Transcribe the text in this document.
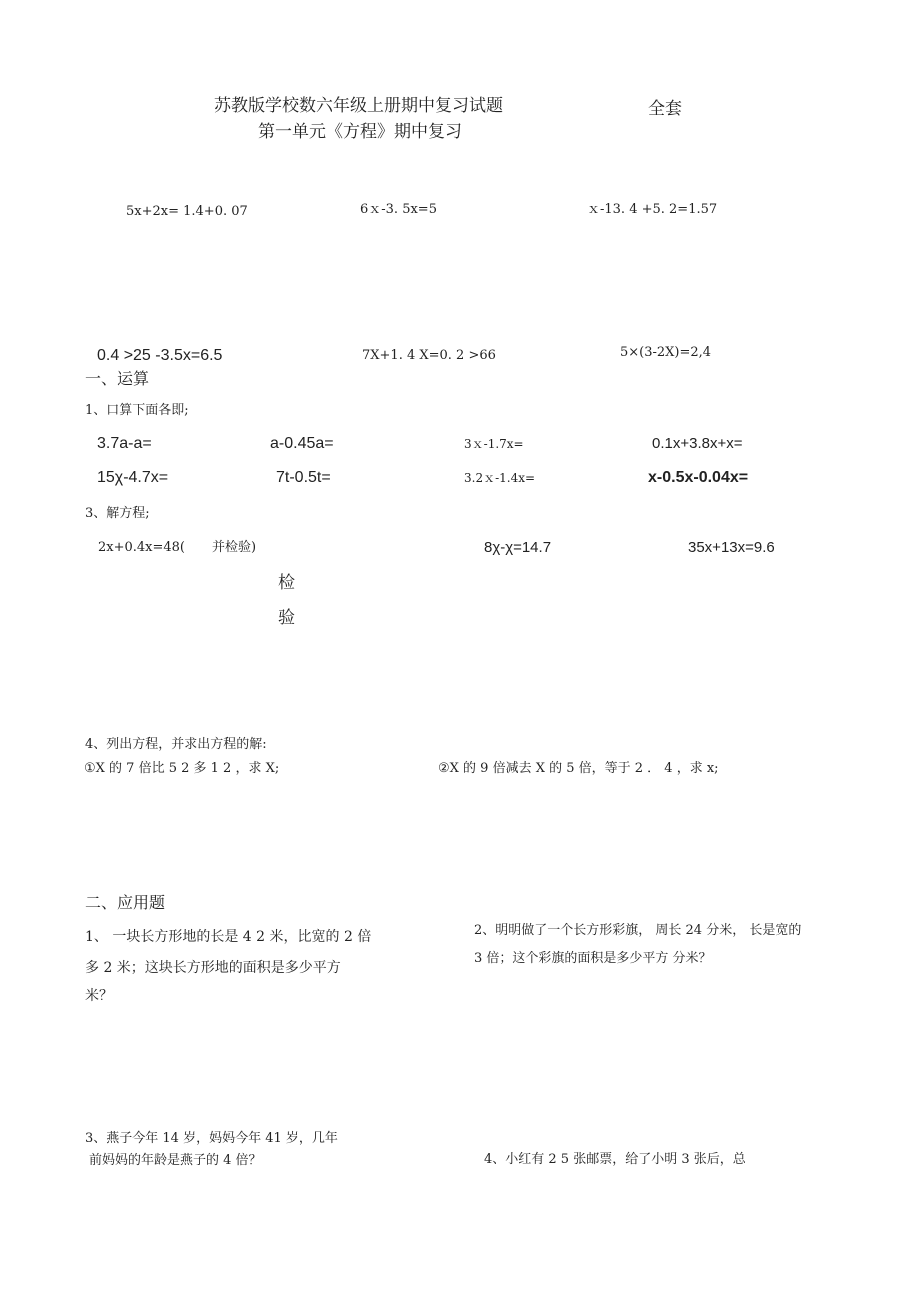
苏教版学校数六年级上册期中复习试题	全套
第一单元《方程》期中复习
5x+2x= 1.4+0. 07	6ｘ-3. 5x=5	ｘ-13. 4 +5. 2=1.57
0.4 >25 -3.5x=6.5	7X+1. 4 X=0. 2 >66	5×(3-2X)=2,4
一、运算
1、口算下面各即;
3.7a-a=	a-0.45a=	3ｘ-1.7x=	0.1x+3.8x+x=
15χ-4.7x=	7t-0.5t=	3.2ｘ-1.4x=	x-0.5x-0.04x=
3、解方程;
2x+0.4x=48( 并检验)	8χ-χ=14.7	35x+13x=9.6
检
验
4、列出方程，并求出方程的解:
①X 的 7 倍比 5 2 多 1 2 ，求 X;	②X 的 9 倍减去 X 的 5 倍，等于 2 ． 4 ，求 x;
二、应用题
1、 一块长方形地的长是 4 2 米，比宽的 2 倍
多 2 米；这块长方形地的面积是多少平方
米？
2、明明做了一个长方形彩旗， 周长 24 分米， 长是宽的
3 倍；这个彩旗的面积是多少平方 分米？
3、燕子今年 14 岁，妈妈今年 41 岁，几年
前妈妈的年龄是燕子的 4 倍？	4、小红有 2 5 张邮票，给了小明 3 张后，总
